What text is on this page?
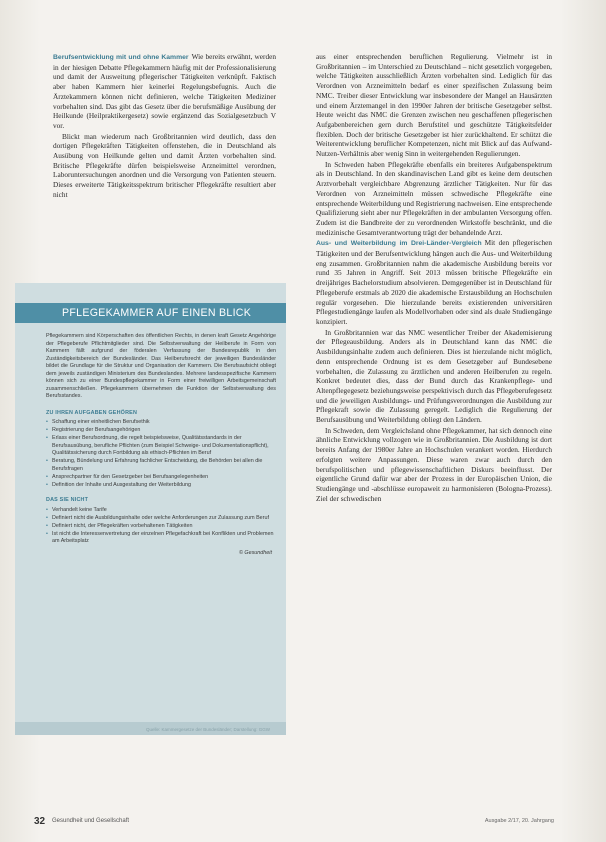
Berufsentwicklung mit und ohne Kammer Wie bereits erwähnt, werden in der hiesigen Debatte Pflegekammern häufig mit der Professionalisierung und damit der Ausweitung pflegerischer Tätigkeiten verknüpft. Faktisch aber haben Kammern hier keinerlei Regelungsbefugnis. Auch die Ärztekammern können nicht definieren, welche Tätigkeiten Mediziner vorbehalten sind. Das gibt das Gesetz über die berufsmäßige Ausübung der Heilkunde (Heilpraktikergesetz) sowie ergänzend das Sozialgesetzbuch V vor.

Blickt man wiederum nach Großbritannien wird deutlich, dass den dortigen Pflegekräften Tätigkeiten offenstehen, die in Deutschland als Ausübung von Heilkunde gelten und damit Ärzten vorbehalten sind. Britische Pflegekräfte dürfen beispielsweise Arzneimittel verordnen, Laboruntersuchungen anordnen und die Versorgung von Patienten steuern. Dieses erweiterte Tätigkeitsspektrum britischer Pflegekräfte resultiert aber nicht

PFLEGEKAMMER AUF EINEN BLICK

Pflegekammern sind Körperschaften des öffentlichen Rechts, in denen kraft Gesetz Angehörige der Pflegeberufe Pflichtmitglieder sind. Die Selbstverwaltung der Heilberufe in Form von Kammern fällt aufgrund der föderalen Verfassung der Bundesrepublik in den Zuständigkeitsbereich der Bundesländer. Das Heilberufsrecht der jeweiligen Bundesländer bildet die Grundlage für die Struktur und Organisation der Kammern. Die Berufsaufsicht obliegt dem jeweils zuständigen Ministerium des Bundeslandes. Mehrere landesspezifische Kammern können sich zu einer Bundespflegekammer in Form einer freiwilligen Arbeitsgemeinschaft zusammenschließen. Pflegekammern übernehmen die Funktion der Selbstverwaltung des Berufsstandes.

ZU IHREN AUFGABEN GEHÖREN
• Schaffung einer einheitlichen Berufsethik
• Registrierung der Berufsangehörigen
• Erlass einer Berufsordnung, die regelt beispielsweise, Qualitätsstandards in der Berufsausübung, berufliche Pflichten (zum Beispiel Schweige- und Dokumentationspflicht), Qualitätssicherung durch Fortbildung als ethisch-Pflichten im Beruf
• Beratung, Bündelung und Erfahrung fachlicher Entscheidung, die Behörden bei allen die Berufsfragen
• Ansprechpartner für den Gesetzgeber bei Berufsangelegenheiten
• Definition der Inhalte und Ausgestaltung der Weiterbildung
DAS SIE NICHT
• Verhandelt keine Tarife
• Definiert nicht die Ausbildungsinhalte oder welche Anforderungen zur Zulassung zum Beruf
• Definiert nicht, der Pflegekräften vorbehaltenen Tätigkeiten
• Ist nicht die Interessenvertretung der einzelnen Pflegefachkraft bei Konflikten und Problemen am Arbeitsplatz
© Gesundheit
Quelle: Kammergesetze der Bundesländer; Darstellung: GGW

aus einer entsprechenden beruflichen Regulierung. Vielmehr ist in Großbritannien – im Unterschied zu Deutschland – nicht gesetzlich vorgegeben, welche Tätigkeiten ausschließlich Ärzten vorbehalten sind. Lediglich für das Verordnen von Arzneimitteln bedarf es einer spezifischen Zulassung beim NMC. Treiber dieser Entwicklung war insbesondere der Mangel an Hausärzten und einem Ärztemangel in den 1990er Jahren der britische Gesetzgeber selbst. Heute weicht das NMC die Grenzen zwischen neu geschaffenen pflegerischen Aufgabenbereichen gern durch Berufstitel und geschützte Tätigkeitsfelder flexiblen. Doch der britische Gesetzgeber ist hier zurückhaltend. Er schützt die Weiterentwicklung beruflicher Kompetenzen, nicht mit Blick auf das Aufwand-Nutzen-Verhältnis aber wenig Sinn in weitergehenden Regulierungen.

In Schweden haben Pflegekräfte ebenfalls ein breiteres Aufgabenspektrum als in Deutschland. In den skandinavischen Land gibt es keine dem deutschen Arztvorbehalt vergleichbare Abgrenzung ärztlicher Tätigkeiten. Nur für das Verordnen von Arzneimitteln müssen schwedische Pflegekräfte eine entsprechende Weiterbildung und Registrierung nachweisen. Eine entsprechende Qualifizierung sieht aber nur Pflegekräften in der ambulanten Versorgung offen. Zudem ist die Bandbreite der zu verordnenden Wirkstoffe beschränkt, und die medizinische Gesamtverantwortung trägt der behandelnde Arzt.

Aus- und Weiterbildung im Drei-Länder-Vergleich Mit den pflegerischen Tätigkeiten und der Berufsentwicklung hängen auch die Aus- und Weiterbildung eng zusammen. Großbritannien nahm die akademische Ausbildung bereits vor rund 35 Jahren in Angriff. Seit 2013 müssen britische Pflegekräfte ein dreijähriges Bachelorstudium absolvieren. Demgegenüber ist in Deutschland für Pflegeberufe erstmals ab 2020 die akademische Erstausbildung an Hochschulen regulär vorgesehen. Die hierzulande bereits existierenden universitären Pflegestudiengänge laufen als Modellvorhaben oder sind als duale Studiengänge konzipiert.

In Großbritannien war das NMC wesentlicher Treiber der Akademisierung der Pflegeausbildung. Anders als in Deutschland kann das NMC die Ausbildungsinhalte zudem auch definieren. Dies ist hierzulande nicht möglich, denn entsprechende Ordnung ist es dem Gesetzgeber auf Bundesebene vorbehalten, die Zulassung zu ärztlichen und anderen Heilberufen zu regeln. Konkret bedeutet dies, dass der Bund durch das Krankenpflege- und Altenpflegegesetz beziehungsweise perspektivisch durch das Pflegeberufegesetz und die jeweiligen Ausbildungs- und Prüfungsverordnungen die Ausbildung zur Pflegekraft sowie die Zulassung geregelt. Lediglich die Regulierung der Berufsausübung und Weiterbildung obliegt den Ländern.

In Schweden, dem Vergleichsland ohne Pflegekammer, hat sich dennoch eine ähnliche Entwicklung vollzogen wie in Großbritannien. Die Ausbildung ist dort bereits Anfang der 1980er Jahre an Hochschulen verankert worden. Hierdurch erfolgten weitere Anpassungen. Diese waren zwar auch durch den berufspolitischen und pflegewissenschaftlichen Diskurs beeinflusst. Der eigentliche Grund dafür war aber der Prozess in der Europäischen Union, die Studiengänge und -abschlüsse europaweit zu harmonisieren (Bologna-Prozess). Ziel der schwedischen

32 Gesundheit und Gesellschaft	Ausgabe 2/17, 20. Jahrgang
